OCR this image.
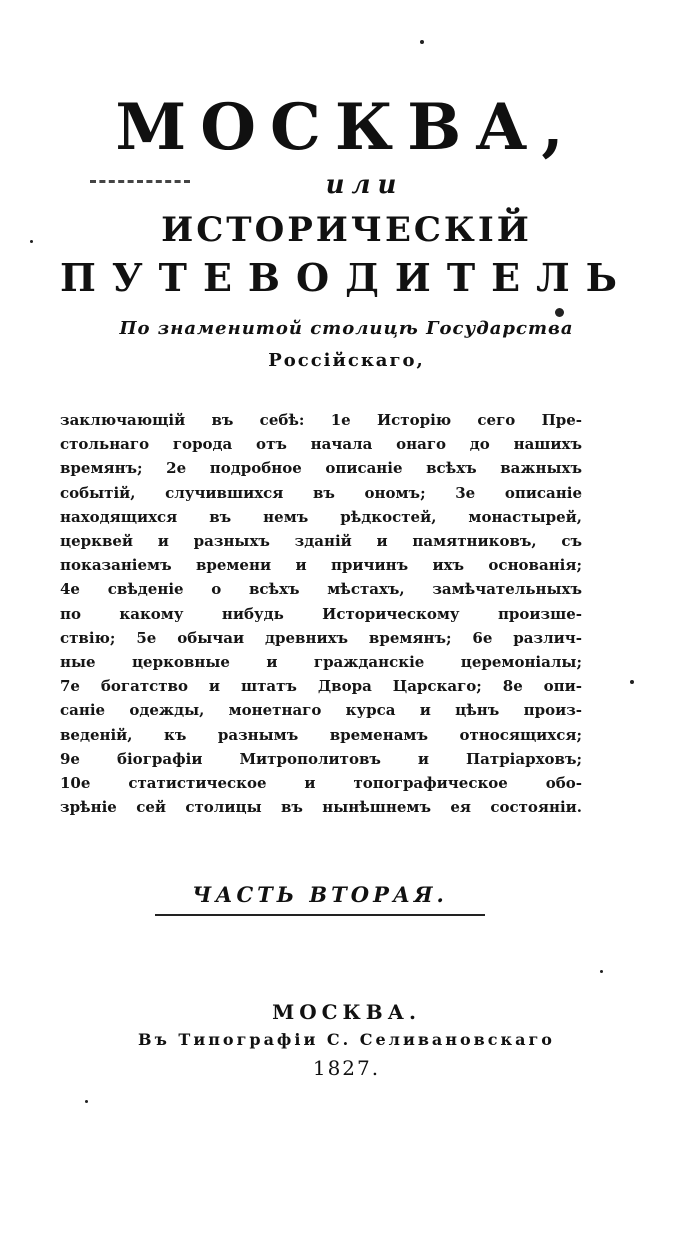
МОСКВА,
или
ИСТОРИЧЕСКІЙ
ПУТЕВОДИТЕЛЬ
По знаменитой столицѣ Государства
Россійскаго,
заключающій въ себѣ: 1е Исторію сего Пре-
стольнаго города отъ начала онаго до нашихъ
времянъ; 2е подробное описаніе всѣхъ важныхъ
событій, случившихся въ ономъ; 3е описаніе
находящихся въ немъ рѣдкостей, монастырей,
церквей и разныхъ зданій и памятниковъ, съ
показаніемъ времени и причинъ ихъ основанія;
4е свѣденіе о всѣхъ мѣстахъ, замѣчательныхъ
по какому нибудь Историческому произше-
ствію; 5е обычаи древнихъ времянъ; 6е различ-
ные церковные и гражданскіе церемоніалы;
7е богатство и штатъ Двора Царскаго; 8е опи-
саніе одежды, монетнаго курса и цѣнъ произ-
веденій, къ разнымъ временамъ относящихся;
9е біографіи Митрополитовъ и Патріарховъ;
10е статистическое и топографическое обо-
зрѣніе сей столицы въ нынѣшнемъ ея состояніи.
ЧАСТЬ ВТОРАЯ.
МОСКВА.
Въ Типографіи С. Селивановскаго
1827.
